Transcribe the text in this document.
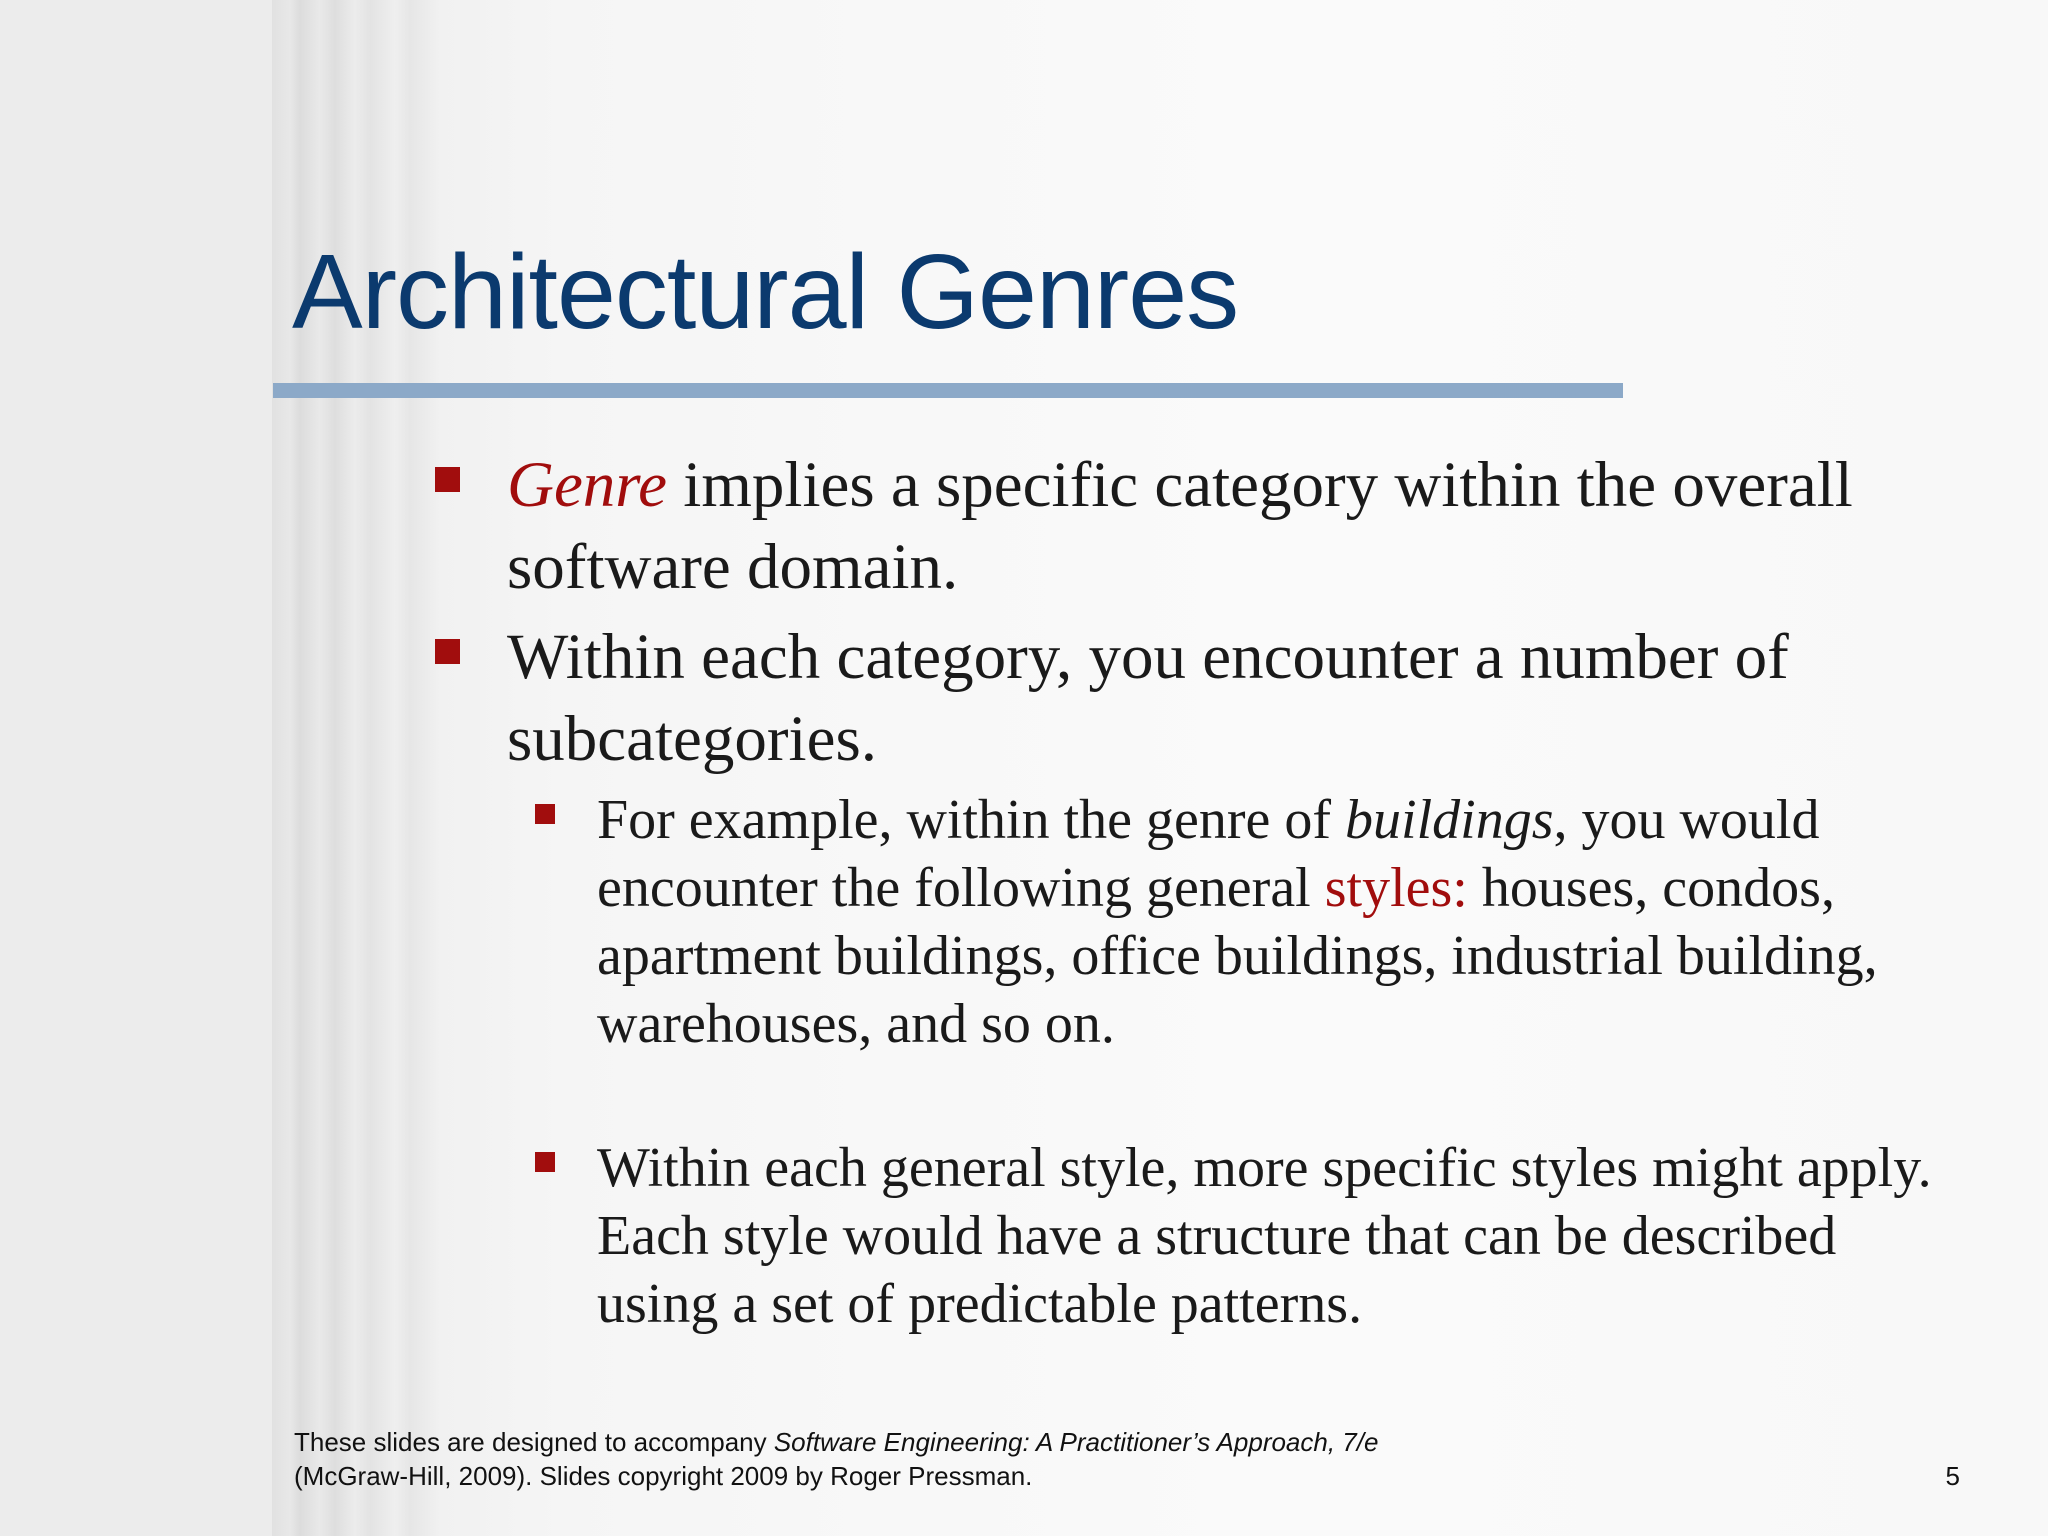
Architectural Genres
Genre implies a specific category within the overall software domain.
Within each category, you encounter a number of subcategories.
For example, within the genre of buildings, you would encounter the following general styles: houses, condos, apartment buildings, office buildings, industrial building, warehouses, and so on.
Within each general style, more specific styles might apply. Each style would have a structure that can be described using a set of predictable patterns.
These slides are designed to accompany Software Engineering: A Practitioner’s Approach, 7/e
(McGraw-Hill, 2009). Slides copyright 2009 by Roger Pressman.	5
